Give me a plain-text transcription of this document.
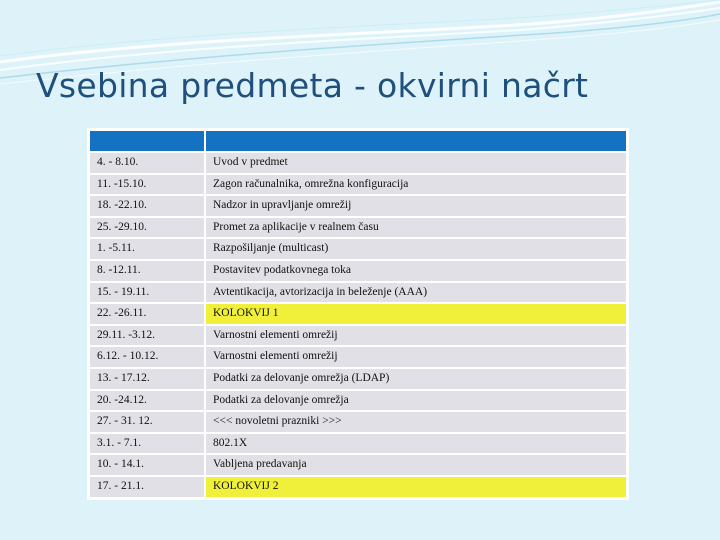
Vsebina predmeta - okvirni načrt

4. - 8.10.	Uvod v predmet
11. -15.10.	Zagon računalnika, omrežna konfiguracija
18. -22.10.	Nadzor in upravljanje omrežij
25. -29.10.	Promet za aplikacije v realnem času
1. -5.11.	Razpošiljanje (multicast)
8. -12.11.	Postavitev podatkovnega toka
15. - 19.11.	Avtentikacija, avtorizacija in beleženje (AAA)
22. -26.11.	KOLOKVIJ 1
29.11. -3.12.	Varnostni elementi omrežij
6.12. - 10.12.	Varnostni elementi omrežij
13. - 17.12.	Podatki za delovanje omrežja (LDAP)
20. -24.12.	Podatki za delovanje omrežja
27. - 31. 12.	<<< novoletni prazniki >>>
3.1. - 7.1.	802.1X
10. - 14.1.	Vabljena predavanja
17. - 21.1.	KOLOKVIJ 2
